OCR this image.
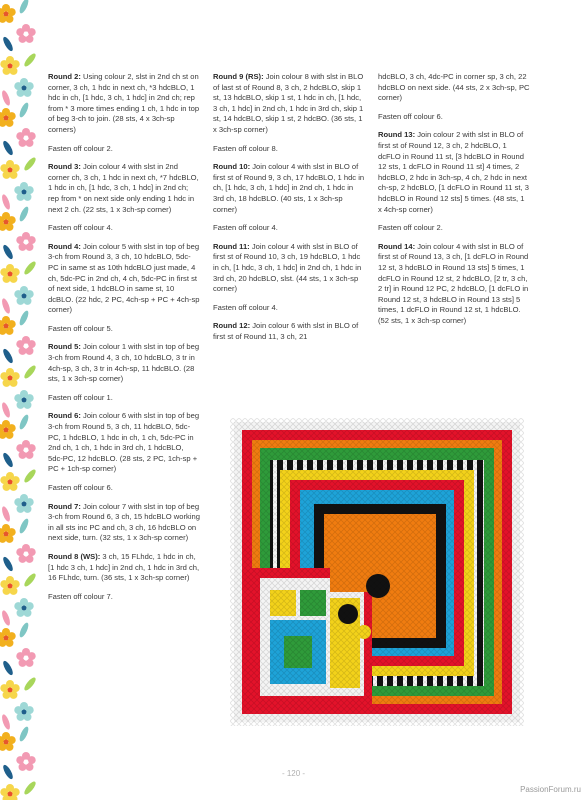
Round 2: Using colour 2, slst in 2nd ch st on corner, 3 ch, 1 hdc in next ch, *3 hdcBLO, 1 hdc in ch, [1 hdc, 3 ch, 1 hdc] in 2nd ch; rep from * 3 more times ending 1 ch, 1 hdc in top of beg 3-ch to join. (28 sts, 4 x 3ch-sp corners)

Fasten off colour 2.

Round 3: Join colour 4 with slst in 2nd corner ch, 3 ch, 1 hdc in next ch, *7 hdcBLO, 1 hdc in ch, [1 hdc, 3 ch, 1 hdc] in 2nd ch; rep from * on next side only ending 1 hdc in next 2 ch. (22 sts, 1 x 3ch-sp corner)

Fasten off colour 4.

Round 4: Join colour 5 with slst in top of beg 3-ch from Round 3, 3 ch, 10 hdcBLO, 5dc-PC in same st as 10th hdcBLO just made, 4 ch, 5dc-PC in 2nd ch, 4 ch, 5dc-PC in first st of next side, 1 hdcBLO in same st, 10 dcBLO. (22 hdc, 2 PC, 4ch-sp + PC + 4ch-sp corner)

Fasten off colour 5.

Round 5: Join colour 1 with slst in top of beg 3-ch from Round 4, 3 ch, 10 hdcBLO, 3 tr in 4ch-sp, 3 ch, 3 tr in 4ch-sp, 11 hdcBLO. (28 sts, 1 x 3ch-sp corner)

Fasten off colour 1.

Round 6: Join colour 6 with slst in top of beg 3-ch from Round 5, 3 ch, 11 hdcBLO, 5dc-PC, 1 hdcBLO, 1 hdc in ch, 1 ch, 5dc-PC in 2nd ch, 1 ch, 1 hdc in 3rd ch, 1 hdcBLO, 5dc-PC, 12 hdcBLO. (28 sts, 2 PC, 1ch-sp + PC + 1ch-sp corner)

Fasten off colour 6.

Round 7: Join colour 7 with slst in top of beg 3-ch from Round 6, 3 ch, 15 hdcBLO working in all sts inc PC and ch, 3 ch, 16 hdcBLO on next side, turn. (32 sts, 1 x 3ch-sp corner)

Round 8 (WS): 3 ch, 15 FLhdc, 1 hdc in ch, [1 hdc 3 ch, 1 hdc] in 2nd ch, 1 hdc in 3rd ch, 16 FLhdc, turn. (36 sts, 1 x 3ch-sp corner)

Fasten off colour 7.

Round 9 (RS): Join colour 8 with slst in BLO of last st of Round 8, 3 ch, 2 hdcBLO, skip 1 st, 13 hdcBLO, skip 1 st, 1 hdc in ch, [1 hdc, 3 ch, 1 hdc] in 2nd ch, 1 hdc in 3rd ch, skip 1 st, 14 hdcBLO, skip 1 st, 2 hdcBO. (36 sts, 1 x 3ch-sp corner)

Fasten off colour 8.

Round 10: Join colour 4 with slst in BLO of first st of Round 9, 3 ch, 17 hdcBLO, 1 hdc in ch, [1 hdc, 3 ch, 1 hdc] in 2nd ch, 1 hdc in 3rd ch, 18 hdcBLO. (40 sts, 1 x 3ch-sp corner)

Fasten off colour 4.

Round 11: Join colour 4 with slst in BLO of first st of Round 10, 3 ch, 19 hdcBLO, 1 hdc in ch, [1 hdc, 3 ch, 1 hdc] in 2nd ch, 1 hdc in 3rd ch, 20 hdcBLO, slst. (44 sts, 1 x 3ch-sp corner)

Fasten off colour 4.

Round 12: Join colour 6 with slst in BLO of first st of Round 11, 3 ch, 21

hdcBLO, 3 ch, 4dc-PC in corner sp, 3 ch, 22 hdcBLO on next side. (44 sts, 2 x 3ch-sp, PC corner)

Fasten off colour 6.

Round 13: Join colour 2 with slst in BLO of first st of Round 12, 3 ch, 2 hdcBLO, 1 dcFLO in Round 11 st, [3 hdcBLO in Round 12 sts, 1 dcFLO in Round 11 st] 4 times, 2 hdcBLO, 2 hdc in 3ch-sp, 4 ch, 2 hdc in next ch-sp, 2 hdcBLO, [1 dcFLO in Round 11 st, 3 hdcBLO in Round 12 sts] 5 times. (48 sts, 1 x 4ch-sp corner)

Fasten off colour 2.

Round 14: Join colour 4 with slst in BLO of first st of Round 13, 3 ch, [1 dcFLO in Round 12 st, 3 hdcBLO in Round 13 sts] 5 times, 1 dcFLO in Round 12 st, 2 hdcBLO, [2 tr, 3 ch, 2 tr] in Round 12 PC, 2 hdcBLO, [1 dcFLO in Round 12 st, 3 hdcBLO in Round 13 sts] 5 times, 1 dcFLO in Round 12 st, 1 hdcBLO. (52 sts, 1 x 3ch-sp corner)

- 120 -
PassionForum.ru
